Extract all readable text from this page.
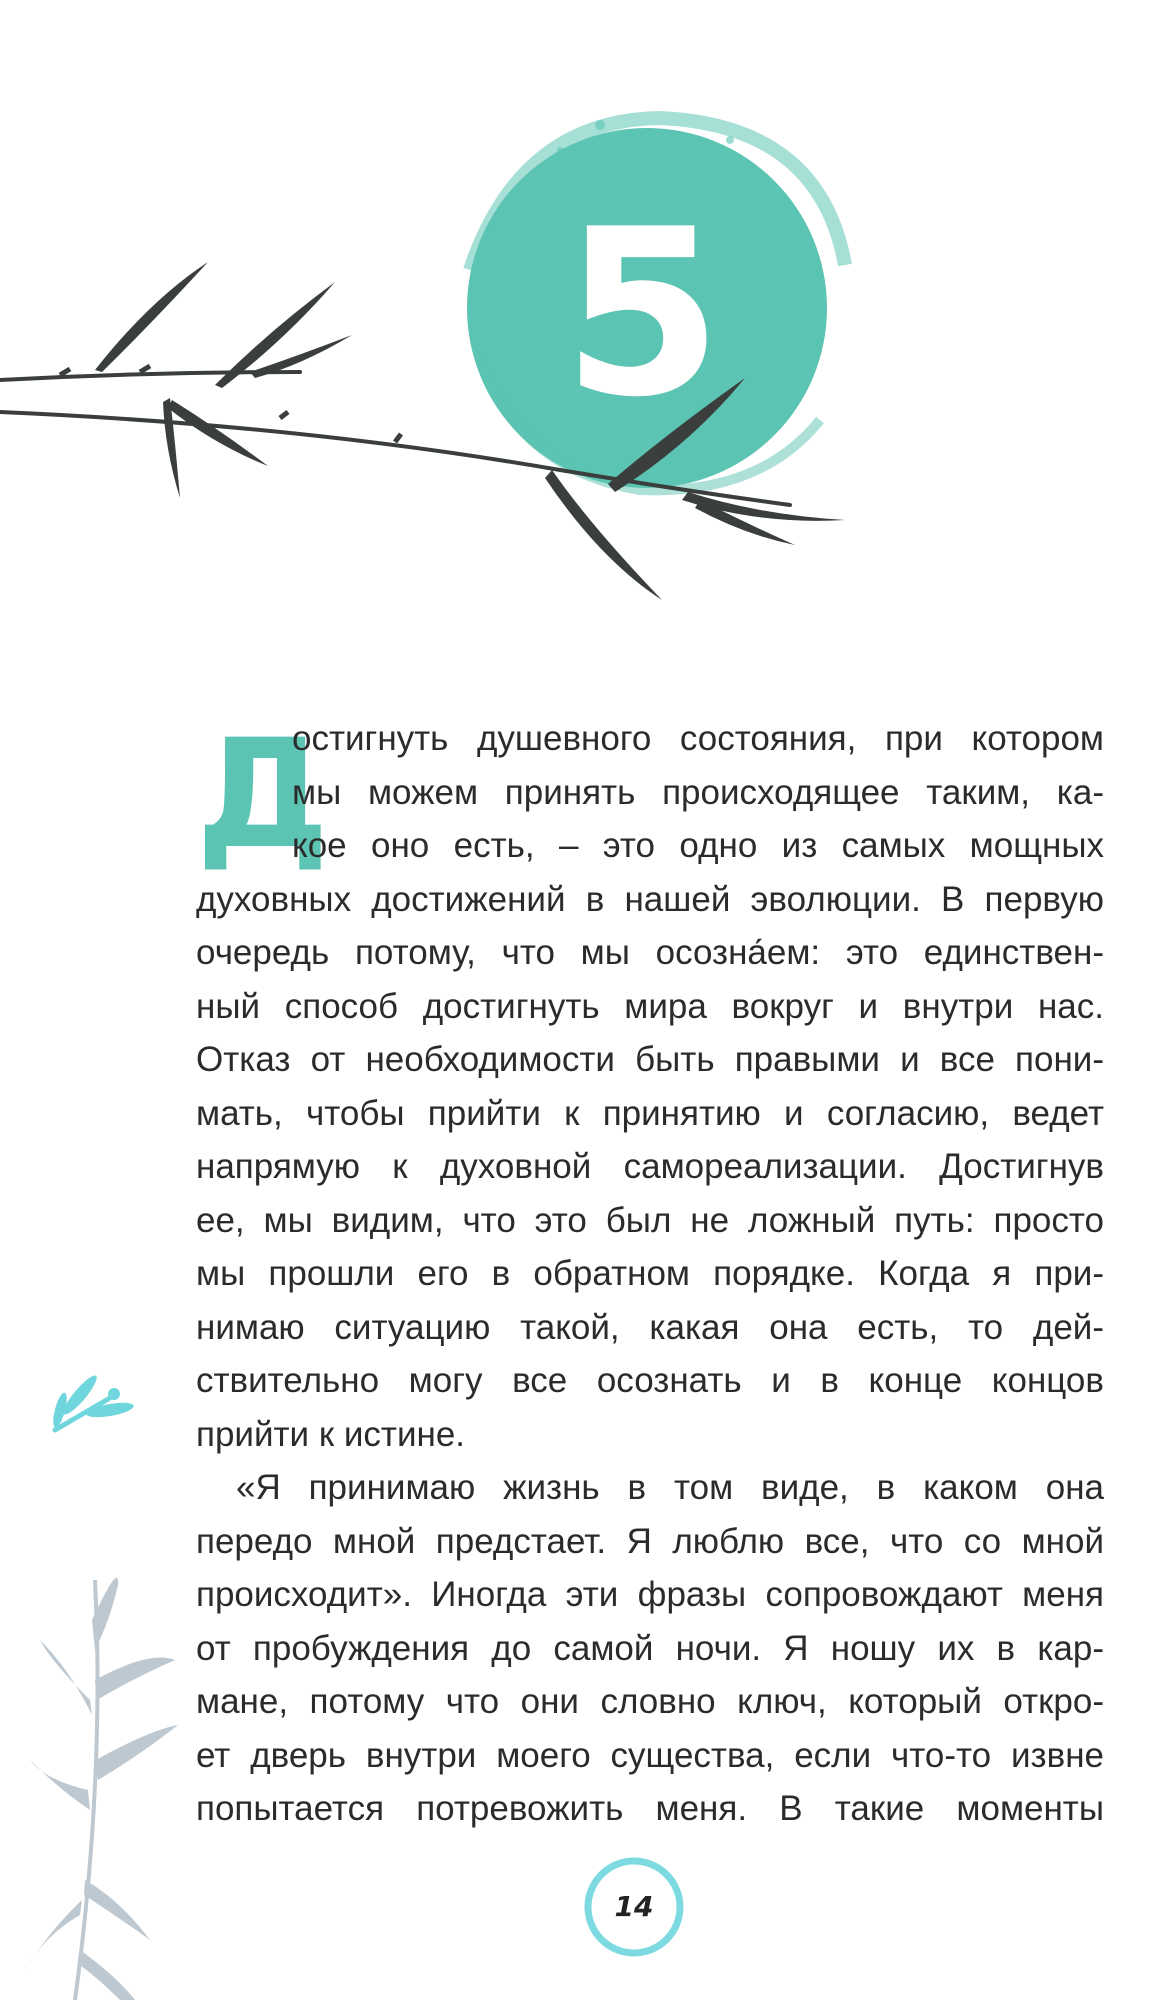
5
Д
остигнуть душевного состояния, при котором
мы можем принять происходящее таким, ка-
кое оно есть, – это одно из самых мощных
духовных достижений в нашей эволюции. В первую
очередь потому, что мы осозна́ем: это единствен-
ный способ достигнуть мира вокруг и внутри нас.
Отказ от необходимости быть правыми и все пони-
мать, чтобы прийти к принятию и согласию, ведет
напрямую к духовной самореализации. Достигнув
ее, мы видим, что это был не ложный путь: просто
мы прошли его в обратном порядке. Когда я при-
нимаю ситуацию такой, какая она есть, то дей-
ствительно могу все осознать и в конце концов
прийти к истине.
«Я принимаю жизнь в том виде, в каком она
передо мной предстает. Я люблю все, что со мной
происходит». Иногда эти фразы сопровождают меня
от пробуждения до самой ночи. Я ношу их в кар-
мане, потому что они словно ключ, который откро-
ет дверь внутри моего существа, если что-то извне
попытается потревожить меня. В такие моменты
14
